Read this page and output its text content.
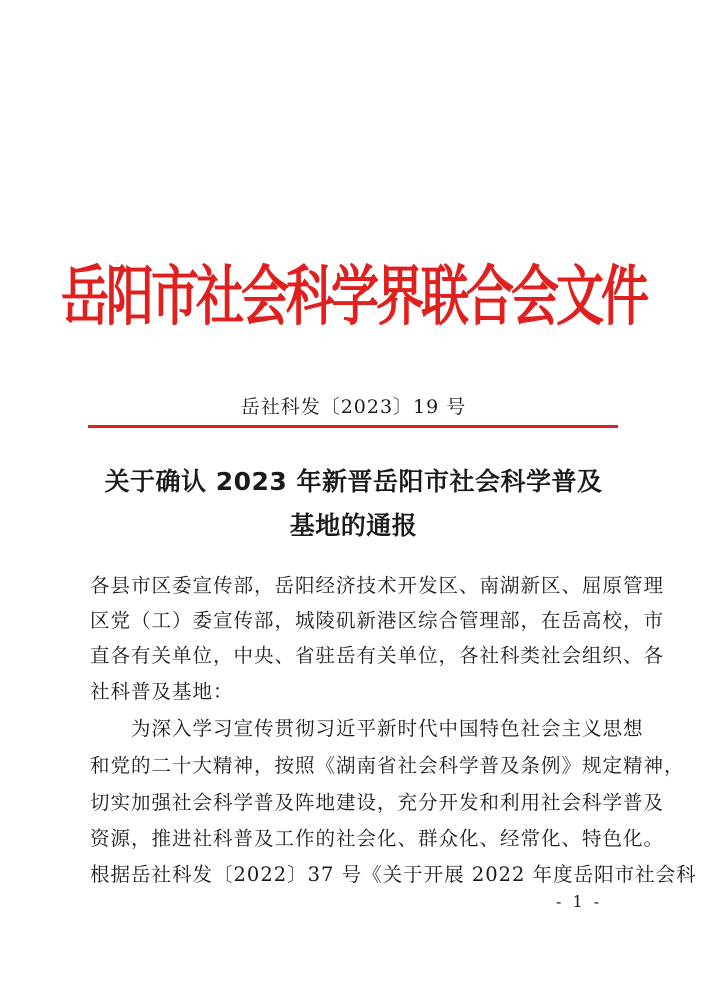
岳阳市社会科学界联合会文件
岳社科发〔2023〕19 号
关于确认 2023 年新晋岳阳市社会科学普及
基地的通报
各县市区委宣传部，岳阳经济技术开发区、南湖新区、屈原管理
区党（工）委宣传部，城陵矶新港区综合管理部，在岳高校，市
直各有关单位，中央、省驻岳有关单位，各社科类社会组织、各
社科普及基地：
为深入学习宣传贯彻习近平新时代中国特色社会主义思想
和党的二十大精神，按照《湖南省社会科学普及条例》规定精神，
切实加强社会科学普及阵地建设，充分开发和利用社会科学普及
资源，推进社科普及工作的社会化、群众化、经常化、特色化。
根据岳社科发〔2022〕37 号《关于开展 2022 年度岳阳市社会科
- 1 -
